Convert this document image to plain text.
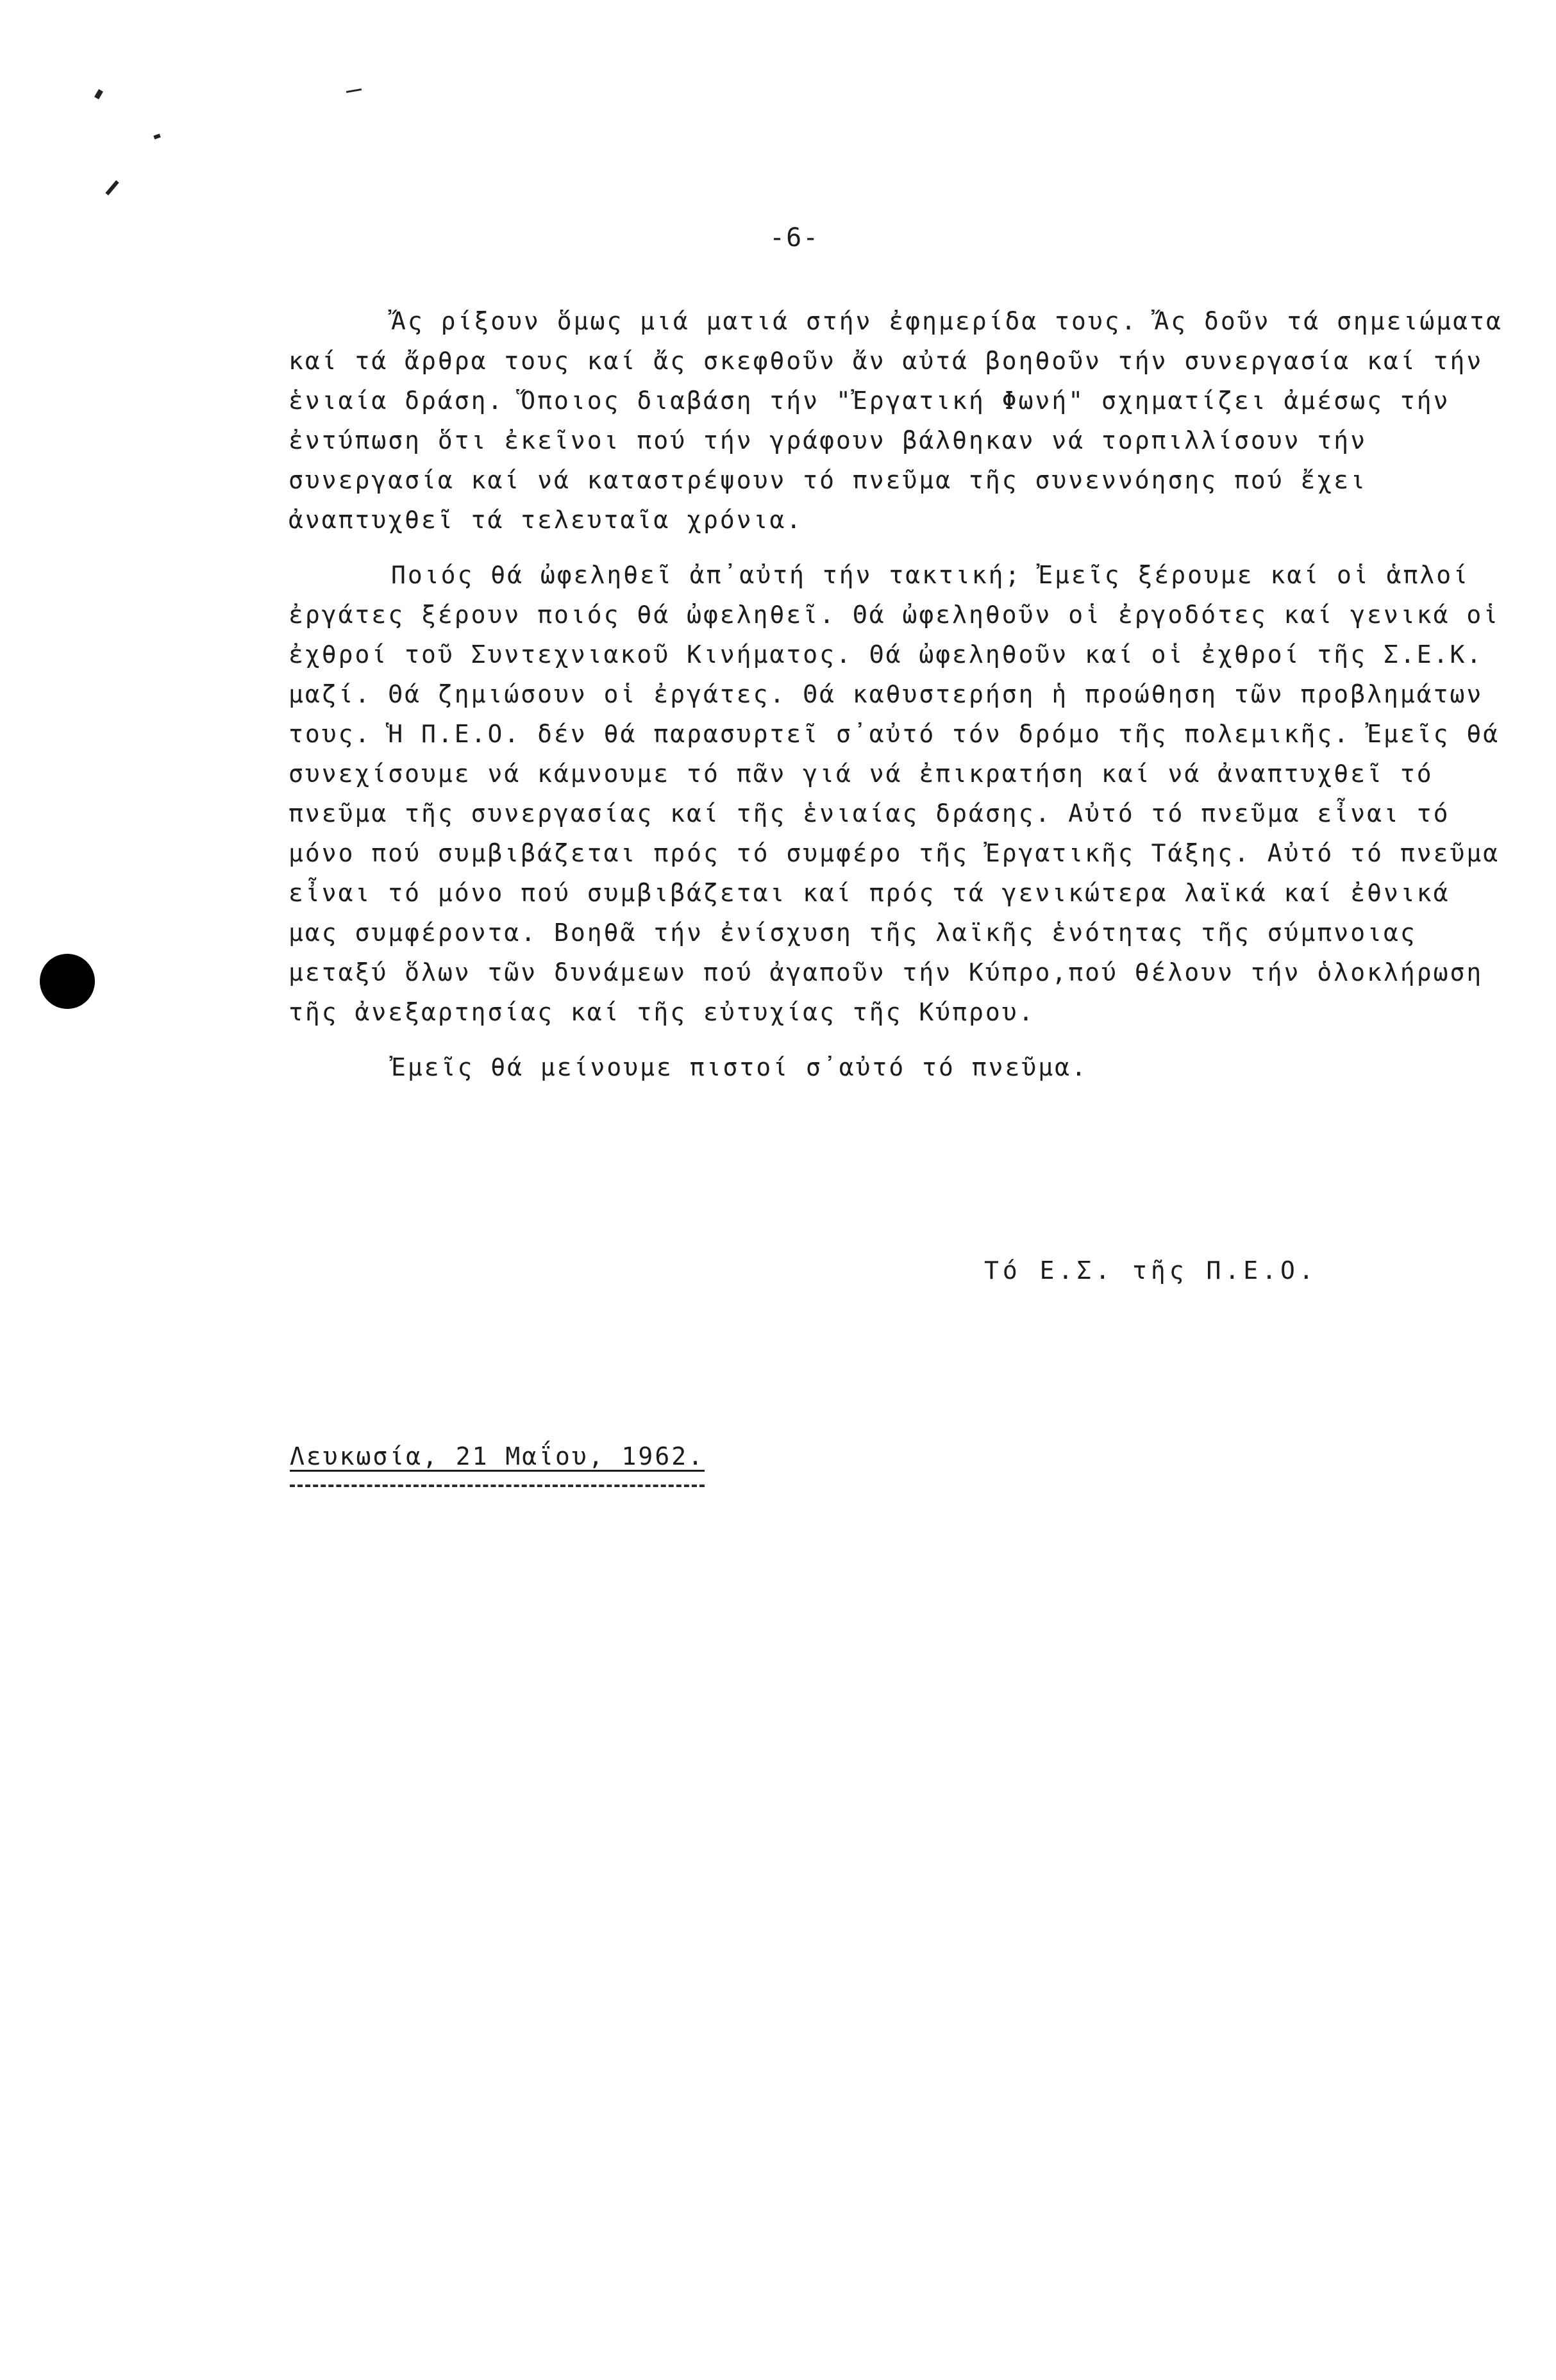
-6-

Ἄς ρίξουν ὅμως μιά ματιά στήν ἐφημερίδα τους. Ἄς δοῦν τά σημειώματα καί τά ἄρθρα τους καί ἄς σκεφθοῦν ἄν αὐτά βοηθοῦν τήν συνεργασία καί τήν ἑνιαία δράση. Ὅποιος διαβάση τήν "Ἐργατική Φωνή" σχηματίζει ἀμέσως τήν ἐντύπωση ὅτι ἐκεῖνοι πού τήν γράφουν βάλθηκαν νά τορπιλλίσουν τήν συνεργασία καί νά καταστρέψουν τό πνεῦμα τῆς συνεννόησης πού ἔχει ἀναπτυχθεῖ τά τελευταῖα χρόνια.

Ποιός θά ὠφεληθεῖ ἀπ᾽αὐτή τήν τακτική; Ἐμεῖς ξέρουμε καί οἱ ἁπλοί ἐργάτες ξέρουν ποιός θά ὠφεληθεῖ. Θά ὠφεληθοῦν οἱ ἐργοδότες καί γενικά οἱ ἐχθροί τοῦ Συντεχνιακοῦ Κινήματος. Θά ὠφεληθοῦν καί οἱ ἐχθροί τῆς Σ.Ε.Κ. μαζί. Θά ζημιώσουν οἱ ἐργάτες. Θά καθυστερήση ἡ προώθηση τῶν προβλημάτων τους. Ἡ Π.Ε.Ο. δέν θά παρασυρτεῖ σ᾽αὐτό τόν δρόμο τῆς πολεμικῆς. Ἐμεῖς θά συνεχίσουμε νά κάμνουμε τό πᾶν γιά νά ἐπικρατήση καί νά ἀναπτυχθεῖ τό πνεῦμα τῆς συνεργασίας καί τῆς ἑνιαίας δράσης. Αὐτό τό πνεῦμα εἶναι τό μόνο πού συμβιβάζεται πρός τό συμφέρο τῆς Ἐργατικῆς Τάξης. Αὐτό τό πνεῦμα εἶναι τό μόνο πού συμβιβάζεται καί πρός τά γενικώτερα λαϊκά καί ἐθνικά μας συμφέροντα. Βοηθᾶ τήν ἐνίσχυση τῆς λαϊκῆς ἑνότητας τῆς σύμπνοιας μεταξύ ὅλων τῶν δυνάμεων πού ἀγαποῦν τήν Κύπρο,πού θέλουν τήν ὁλοκλήρωση τῆς ἀνεξαρτησίας καί τῆς εὐτυχίας τῆς Κύπρου.

Ἐμεῖς θά μείνουμε πιστοί σ᾽αὐτό τό πνεῦμα.

Τό Ε.Σ. τῆς Π.Ε.Ο.
Λευκωσία, 21 Μαΐου, 1962.
